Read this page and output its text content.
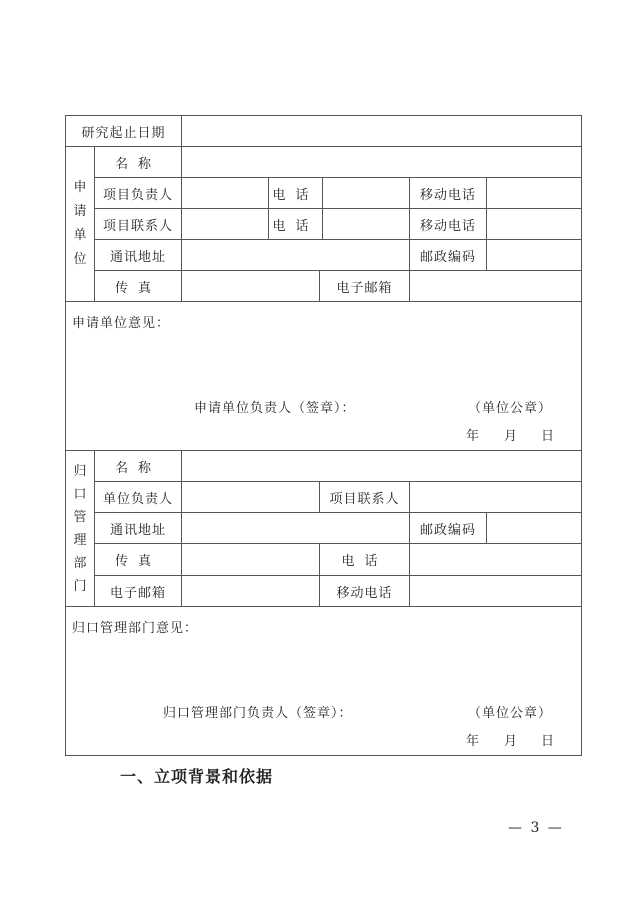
研究起止日期
申
请
单
位
名称
项目负责人	电话	移动电话
项目联系人	电话	移动电话
通讯地址	邮政编码
传真	电子邮箱
申请单位意见：
申请单位负责人（签章）：	（单位公章）
年 月 日
归
口
管
理
部
门
名称
单位负责人	项目联系人
通讯地址	邮政编码
传真	电话
电子邮箱	移动电话
归口管理部门意见：
归口管理部门负责人（签章）：	（单位公章）
年 月 日
一、立项背景和依据
— 3 —
